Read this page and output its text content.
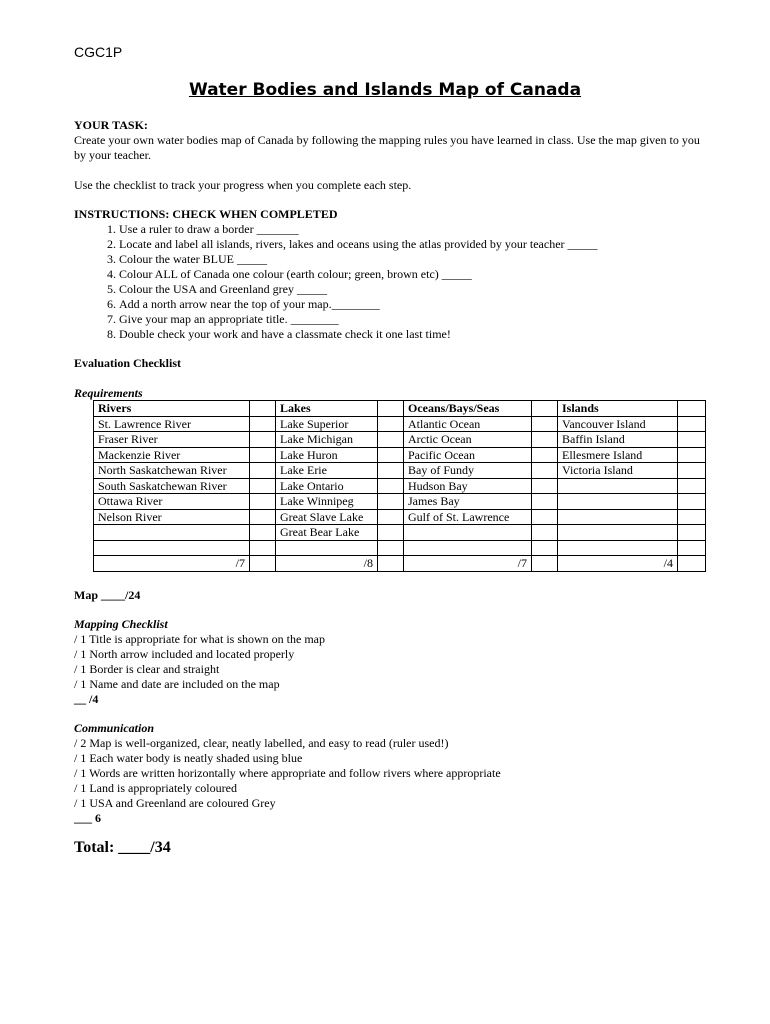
CGC1P
Water Bodies and Islands Map of Canada
YOUR TASK:
Create your own water bodies map of Canada by following the mapping rules you have learned in class. Use the map given to you by your teacher.
Use the checklist to track your progress when you complete each step.
INSTRUCTIONS: CHECK WHEN COMPLETED
1. Use a ruler to draw a border _______
2. Locate and label all islands, rivers, lakes and oceans using the atlas provided by your teacher _____
3. Colour the water BLUE _____
4. Colour ALL of Canada one colour (earth colour; green, brown etc) _____
5. Colour the USA and Greenland grey _____
6. Add a north arrow near the top of your map.________
7. Give your map an appropriate title. ________
8. Double check your work and have a classmate check it one last time!
Evaluation Checklist
Requirements
Rivers		Lakes		Oceans/Bays/Seas		Islands	
St. Lawrence River		Lake Superior		Atlantic Ocean		Vancouver Island	
Fraser River		Lake Michigan		Arctic Ocean		Baffin Island	
Mackenzie River		Lake Huron		Pacific Ocean		Ellesmere Island	
North Saskatchewan River		Lake Erie		Bay of Fundy		Victoria Island	
South Saskatchewan River		Lake Ontario		Hudson Bay			
Ottawa River		Lake Winnipeg		James Bay			
Nelson River		Great Slave Lake		Gulf of St. Lawrence			
		Great Bear Lake					

/7		/8		/7		/4	
Map ____/24
Mapping Checklist
/ 1 Title is appropriate for what is shown on the map
/ 1 North arrow included and located properly
/ 1 Border is clear and straight
/ 1 Name and date are included on the map
__ /4
Communication
/ 2 Map is well-organized, clear, neatly labelled, and easy to read (ruler used!)
/ 1 Each water body is neatly shaded using blue
/ 1 Words are written horizontally where appropriate and follow rivers where appropriate
/ 1 Land is appropriately coloured
/ 1 USA and Greenland are coloured Grey
___ 6
Total: ____/34
